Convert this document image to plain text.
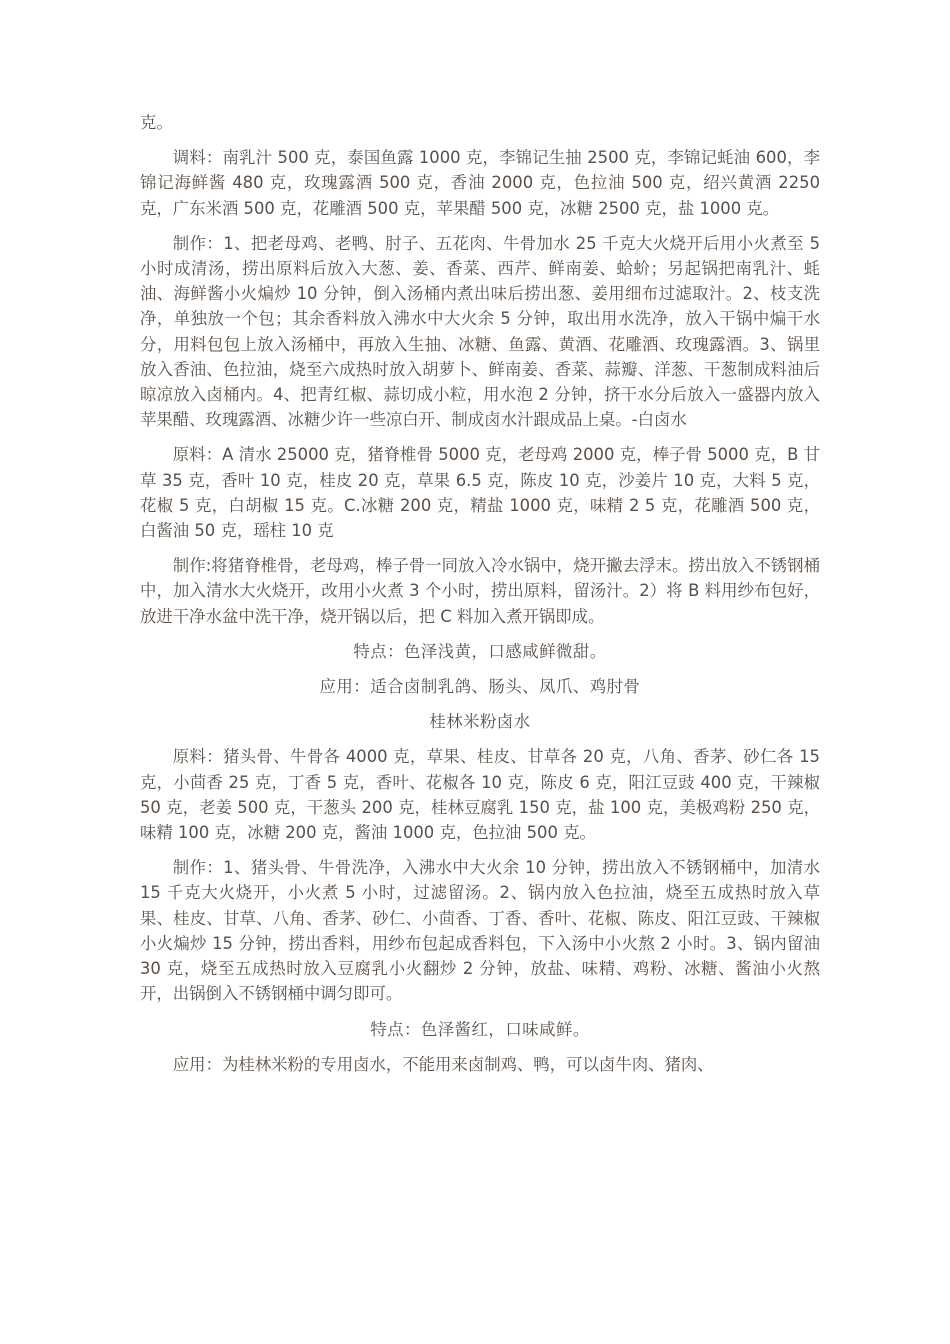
克。

调料：南乳汁 500 克，泰国鱼露 1000 克，李锦记生抽 2500 克，李锦记蚝油 600，李锦记海鲜酱 480 克，玫瑰露酒 500 克，香油 2000 克，色拉油 500 克，绍兴黄酒 2250 克，广东米酒 500 克，花雕酒 500 克，苹果醋 500 克，冰糖 2500 克，盐 1000 克。

制作：1、把老母鸡、老鸭、肘子、五花肉、牛骨加水 25 千克大火烧开后用小火煮至 5 小时成清汤，捞出原料后放入大葱、姜、香菜、西芹、鲜南姜、蛤蚧；另起锅把南乳汁、蚝油、海鲜酱小火煸炒 10 分钟，倒入汤桶内煮出味后捞出葱、姜用细布过滤取汁。2、枝支洗净，单独放一个包；其余香料放入沸水中大火余 5 分钟，取出用水洗净，放入干锅中煸干水分，用料包包上放入汤桶中，再放入生抽、冰糖、鱼露、黄酒、花雕酒、玫瑰露酒。3、锅里放入香油、色拉油，烧至六成热时放入胡萝卜、鲜南姜、香菜、蒜瓣、洋葱、干葱制成料油后晾凉放入卤桶内。4、把青红椒、蒜切成小粒，用水泡 2 分钟，挤干水分后放入一盛器内放入苹果醋、玫瑰露酒、冰糖少许一些凉白开、制成卤水汁跟成品上桌。-白卤水

原料：A 清水 25000 克，猪脊椎骨 5000 克，老母鸡 2000 克，棒子骨 5000 克，B 甘草 35 克，香叶 10 克，桂皮 20 克，草果 6.5 克，陈皮 10 克，沙姜片 10 克，大料 5 克，花椒 5 克，白胡椒 15 克。C.冰糖 200 克，精盐 1000 克，味精 2 5 克，花雕酒 500 克，白酱油 50 克，瑶柱 10 克

制作:将猪脊椎骨，老母鸡，棒子骨一同放入冷水锅中，烧开撇去浮末。捞出放入不锈钢桶中，加入清水大火烧开，改用小火煮 3 个小时，捞出原料，留汤汁。2）将 B 料用纱布包好，放进干净水盆中洗干净，烧开锅以后，把 C 料加入煮开锅即成。

特点：色泽浅黄，口感咸鲜微甜。

应用：适合卤制乳鸽、肠头、凤爪、鸡肘骨

桂林米粉卤水

原料：猪头骨、牛骨各 4000 克，草果、桂皮、甘草各 20 克，八角、香茅、砂仁各 15 克，小茴香 25 克，丁香 5 克，香叶、花椒各 10 克，陈皮 6 克，阳江豆豉 400 克，干辣椒 50 克，老姜 500 克，干葱头 200 克，桂林豆腐乳 150 克，盐 100 克，美极鸡粉 250 克，味精 100 克，冰糖 200 克，酱油 1000 克，色拉油 500 克。

制作：1、猪头骨、牛骨洗净，入沸水中大火余 10 分钟，捞出放入不锈钢桶中，加清水 15 千克大火烧开，小火煮 5 小时，过滤留汤。2、锅内放入色拉油，烧至五成热时放入草果、桂皮、甘草、八角、香茅、砂仁、小茴香、丁香、香叶、花椒、陈皮、阳江豆豉、干辣椒小火煸炒 15 分钟，捞出香料，用纱布包起成香料包，下入汤中小火熬 2 小时。3、锅内留油 30 克，烧至五成热时放入豆腐乳小火翻炒 2 分钟，放盐、味精、鸡粉、冰糖、酱油小火熬开，出锅倒入不锈钢桶中调匀即可。

特点：色泽酱红，口味咸鲜。

应用：为桂林米粉的专用卤水，不能用来卤制鸡、鸭，可以卤牛肉、猪肉、
